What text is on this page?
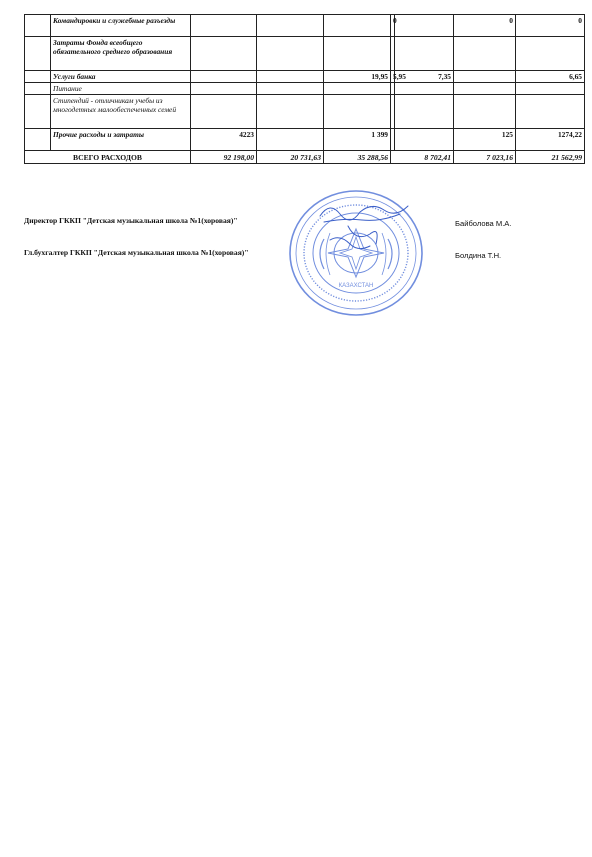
	Командировки и служебные разъезды				0		0	0
	Затраты Фонда всеобщего обязательного среднего образования							
	Услуги банка			19,95	5,95	7,35		6,65
	Питание							
	Стипендий - отличникам учебы из многодетных малообеспеченных семей							
	Прочие расходы и затраты	4223		1 399			125	1274,22
ВСЕГО РАСХОДОВ		92 198,00	20 731,63	35 288,56	8 702,41		7 023,16	21 562,99
Директор ГККП "Детская музыкальная школа №1(хоровая)"	Байболова М.А.
Гл.бухгалтер ГККП "Детская музыкальная школа №1(хоровая)"	Болдина Т.Н.
КАЗАХСТАН
